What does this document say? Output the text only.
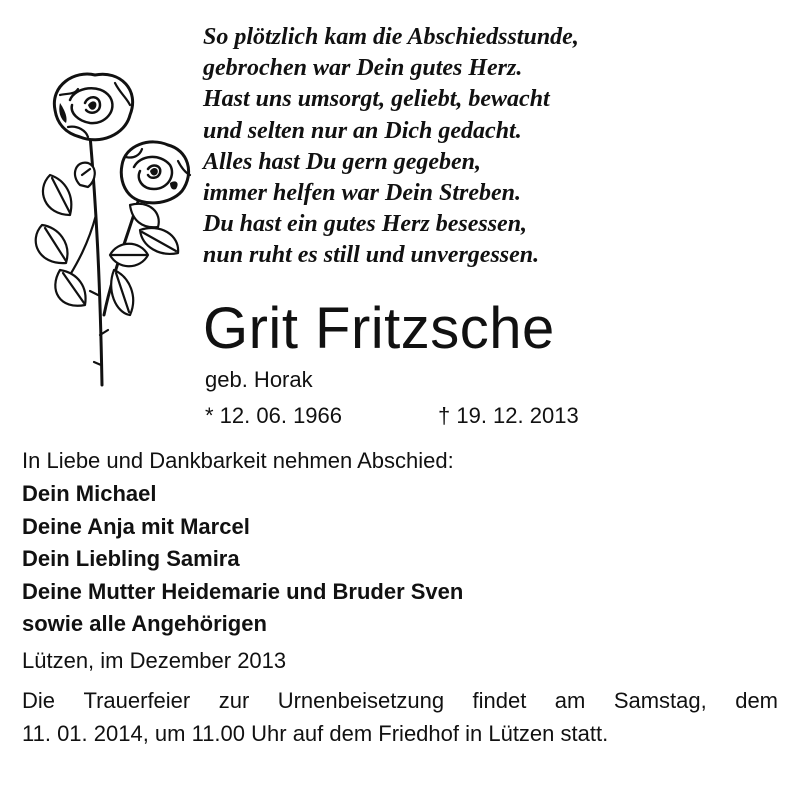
So plötzlich kam die Abschiedsstunde,
gebrochen war Dein gutes Herz.
Hast uns umsorgt, geliebt, bewacht
und selten nur an Dich gedacht.
Alles hast Du gern gegeben,
immer helfen war Dein Streben.
Du hast ein gutes Herz besessen,
nun ruht es still und unvergessen.
Grit Fritzsche
geb. Horak
* 12. 06. 1966	† 19. 12. 2013
In Liebe und Dankbarkeit nehmen Abschied:
Dein Michael
Deine Anja mit Marcel
Dein Liebling Samira
Deine Mutter Heidemarie und Bruder Sven
sowie alle Angehörigen
Lützen, im Dezember 2013
Die Trauerfeier zur Urnenbeisetzung findet am Samstag, dem
11. 01. 2014, um 11.00 Uhr auf dem Friedhof in Lützen statt.
